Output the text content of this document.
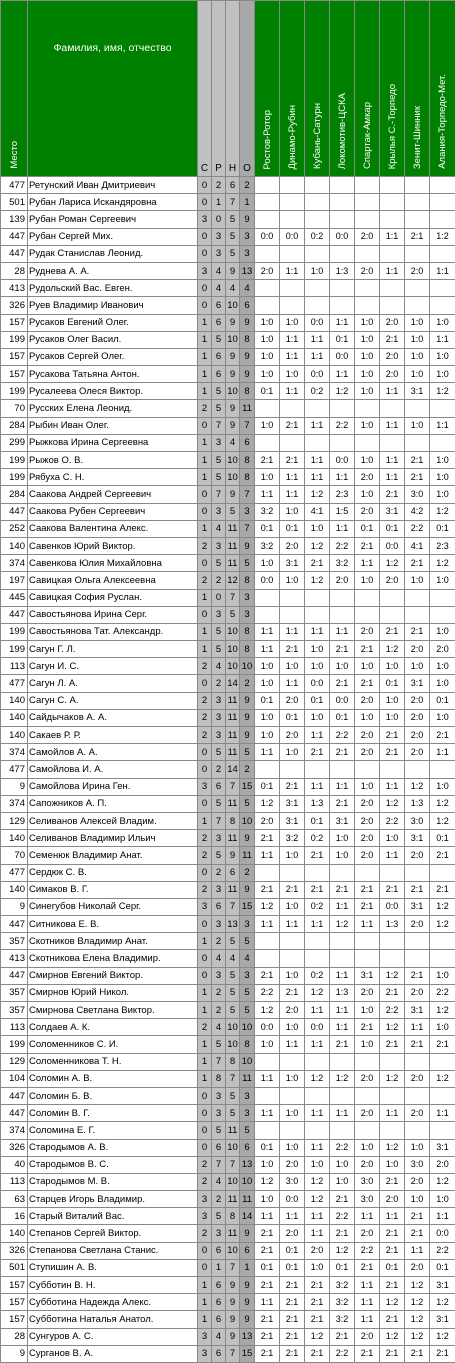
Место	Фамилия, имя, отчество	С	Р	Н	О	Ростов-Ротор	Динамо-Рубин	Кубань-Сатурн	Локомотив-ЦСКА	Спартак-Амкар	Крылья С.-Торпедо	Зенит-Шинник	Алания-Торпедо-Мет.
477	Ретунский Иван Дмитриевич	0	2	6	2								
501	Рубан Лариса Искандяровна	0	1	7	1								
139	Рубан Роман Сергеевич	3	0	5	9								
447	Рубан Сергей Мих.	0	3	5	3	0:0	0:0	0:2	0:0	2:0	1:1	2:1	1:2
447	Рудак Станислав Леонид.	0	3	5	3								
28	Руднева А. А.	3	4	9	13	2:0	1:1	1:0	1:3	2:0	1:1	2:0	1:1
413	Рудольский Вас. Евген.	0	4	4	4								
326	Руев Владимир Иванович	0	6	10	6								
157	Русаков Евгений Олег.	1	6	9	9	1:0	1:0	0:0	1:1	1:0	2:0	1:0	1:0
199	Русаков Олег Васил.	1	5	10	8	1:0	1:1	1:1	0:1	1:0	2:1	1:0	1:1
157	Русаков Сергей Олег.	1	6	9	9	1:0	1:1	1:1	0:0	1:0	2:0	1:0	1:0
157	Русакова Татьяна Антон.	1	6	9	9	1:0	1:0	0:0	1:1	1:0	2:0	1:0	1:0
199	Русалеева Олеся Виктор.	1	5	10	8	0:1	1:1	0:2	1:2	1:0	1:1	3:1	1:2
70	Русских Елена Леонид.	2	5	9	11								
284	Рыбин Иван Олег.	0	7	9	7	1:0	2:1	1:1	2:2	1:0	1:1	1:0	1:1
299	Рыжкова Ирина Сергеевна	1	3	4	6								
199	Рыжов О. В.	1	5	10	8	2:1	2:1	1:1	0:0	1:0	1:1	2:1	1:0
199	Рябуха С. Н.	1	5	10	8	1:0	1:1	1:1	1:1	2:0	1:1	2:1	1:0
284	Саакова Андрей Сергеевич	0	7	9	7	1:1	1:1	1:2	2:3	1:0	2:1	3:0	1:0
447	Саакова Рубен Сергеевич	0	3	5	3	3:2	1:0	4:1	1:5	2:0	3:1	4:2	1:2
252	Саакова Валентина Алекс.	1	4	11	7	0:1	0:1	1:0	1:1	0:1	0:1	2:2	0:1
140	Савенков Юрий Виктор.	2	3	11	9	3:2	2:0	1:2	2:2	2:1	0:0	4:1	2:3
374	Савенкова Юлия Михайловна	0	5	11	5	1:0	3:1	2:1	3:2	1:1	1:2	2:1	1:2
197	Савицкая Ольга Алексеевна	2	2	12	8	0:0	1:0	1:2	2:0	1:0	2:0	1:0	1:0
445	Савицкая София Руслан.	1	0	7	3								
447	Савостьянова Ирина Серг.	0	3	5	3								
199	Савостьянова Тат. Александр.	1	5	10	8	1:1	1:1	1:1	1:1	2:0	2:1	2:1	1:0
199	Сагун Г. Л.	1	5	10	8	1:1	2:1	1:0	2:1	2:1	1:2	2:0	2:0
113	Сагун И. С.	2	4	10	10	1:0	1:0	1:0	1:0	1:0	1:0	1:0	1:0
477	Сагун Л. А.	0	2	14	2	1:0	1:1	0:0	2:1	2:1	0:1	3:1	1:0
140	Сагун С. А.	2	3	11	9	0:1	2:0	0:1	0:0	2:0	1:0	2:0	0:1
140	Сайдычаков А. А.	2	3	11	9	1:0	0:1	1:0	0:1	1:0	1:0	2:0	1:0
140	Сакаев Р. Р.	2	3	11	9	1:0	2:0	1:1	2:2	2:0	2:1	2:0	2:1
374	Самойлов А. А.	0	5	11	5	1:1	1:0	2:1	2:1	2:0	2:1	2:0	1:1
477	Самойлова И. А.	0	2	14	2								
9	Самойлова Ирина Ген.	3	6	7	15	0:1	2:1	1:1	1:1	1:0	1:1	1:2	1:0
374	Сапожников А. П.	0	5	11	5	1:2	3:1	1:3	2:1	2:0	1:2	1:3	1:2
129	Селиванов Алексей Владим.	1	7	8	10	2:0	3:1	0:1	3:1	2:0	2:2	3:0	1:2
140	Селиванов Владимир Ильич	2	3	11	9	2:1	3:2	0:2	1:0	2:0	1:0	3:1	0:1
70	Семенюк Владимир Анат.	2	5	9	11	1:1	1:0	2:1	1:0	2:0	1:1	2:0	2:1
477	Сердюк С. В.	0	2	6	2								
140	Симаков В. Г.	2	3	11	9	2:1	2:1	2:1	2:1	2:1	2:1	2:1	2:1
9	Синегубов Николай Серг.	3	6	7	15	1:2	1:0	0:2	1:1	2:1	0:0	3:1	1:2
447	Ситникова Е. В.	0	3	13	3	1:1	1:1	1:1	1:2	1:1	1:3	2:0	1:2
357	Скотников Владимир Анат.	1	2	5	5								
413	Скотникова Елена Владимир.	0	4	4	4								
447	Смирнов Евгений Виктор.	0	3	5	3	2:1	1:0	0:2	1:1	3:1	1:2	2:1	1:0
357	Смирнов Юрий Никол.	1	2	5	5	2:2	2:1	1:2	1:3	2:0	2:1	2:0	2:2
357	Смирнова Светлана Виктор.	1	2	5	5	1:2	2:0	1:1	1:1	1:0	2:2	3:1	1:2
113	Солдаев А. К.	2	4	10	10	0:0	1:0	0:0	1:1	2:1	1:2	1:1	1:0
199	Соломенников С. И.	1	5	10	8	1:0	1:1	1:1	2:1	1:0	2:1	2:1	2:1
129	Соломенникова Т. Н.	1	7	8	10								
104	Соломин А. В.	1	8	7	11	1:1	1:0	1:2	1:2	2:0	1:2	2:0	1:2
447	Соломин Б. В.	0	3	5	3								
447	Соломин В. Г.	0	3	5	3	1:1	1:0	1:1	1:1	2:0	1:1	2:0	1:1
374	Соломина Е. Г.	0	5	11	5								
326	Стародымов А. В.	0	6	10	6	0:1	1:0	1:1	2:2	1:0	1:2	1:0	3:1
40	Стародымов В. С.	2	7	7	13	1:0	2:0	1:0	1:0	2:0	1:0	3:0	2:0
113	Стародымов М. В.	2	4	10	10	1:2	3:0	1:2	1:0	3:0	2:1	2:0	1:2
63	Старцев Игорь Владимир.	3	2	11	11	1:0	0:0	1:2	2:1	3:0	2:0	1:0	1:0
16	Старый Виталий Вас.	3	5	8	14	1:1	1:1	1:1	2:2	1:1	1:1	2:1	1:1
140	Степанов Сергей Виктор.	2	3	11	9	2:1	2:0	1:1	2:1	2:0	2:1	2:1	0:0
326	Степанова Светлана Станис.	0	6	10	6	2:1	0:1	2:0	1:2	2:2	2:1	1:1	2:2
501	Ступишин А. В.	0	1	7	1	0:1	0:1	1:0	0:1	2:1	0:1	2:0	0:1
157	Субботин В. Н.	1	6	9	9	2:1	2:1	2:1	3:2	1:1	2:1	1:2	3:1
157	Субботина Надежда Алекс.	1	6	9	9	1:1	2:1	2:1	3:2	1:1	1:2	1:2	1:2
157	Субботина Наталья Анатол.	1	6	9	9	2:1	2:1	2:1	3:2	1:1	2:1	1:2	3:1
28	Сунгуров А. С.	3	4	9	13	2:1	2:1	1:2	2:1	2:0	1:2	1:2	1:2
9	Сурганов В. А.	3	6	7	15	2:1	2:1	2:1	2:2	2:1	2:1	2:1	2:1
